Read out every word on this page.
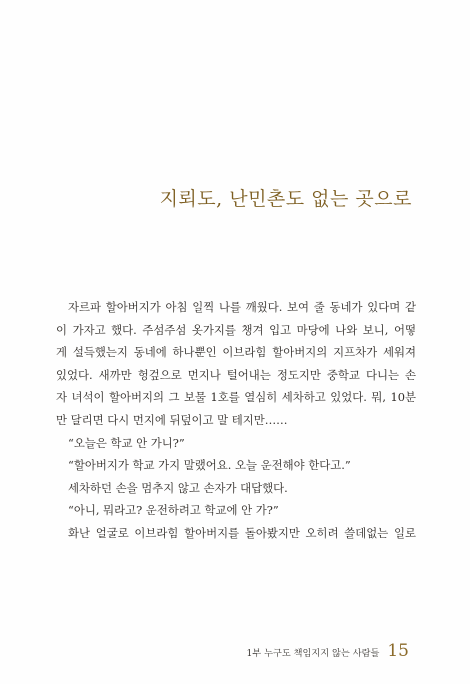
지뢰도, 난민촌도 없는 곳으로
자르파 할아버지가 아침 일찍 나를 깨웠다. 보여 줄 동네가 있다며 같
이 가자고 했다. 주섬주섬 옷가지를 챙겨 입고 마당에 나와 보니, 어떻
게 설득했는지 동네에 하나뿐인 이브라힘 할아버지의 지프차가 세워져
있었다. 새까만 헝겊으로 먼지나 털어내는 정도지만 중학교 다니는 손
자 녀석이 할아버지의 그 보물 1호를 열심히 세차하고 있었다. 뭐, 10분
만 달리면 다시 먼지에 뒤덮이고 말 테지만……
“오늘은 학교 안 가니?”
“할아버지가 학교 가지 말랬어요. 오늘 운전해야 한다고.”
세차하던 손을 멈추지 않고 손자가 대답했다.
“아니, 뭐라고? 운전하려고 학교에 안 가?”
화난 얼굴로 이브라힘 할아버지를 돌아봤지만 오히려 쓸데없는 일로
1부 누구도 책임지지 않는 사람들 15
